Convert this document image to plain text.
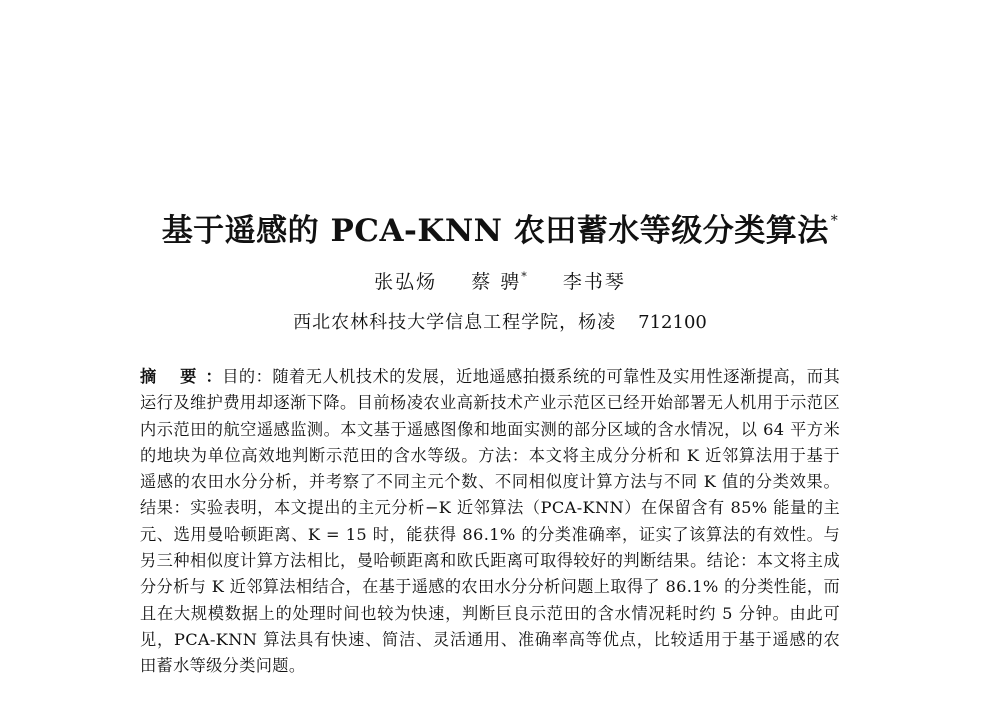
基于遥感的 PCA-KNN 农田蓄水等级分类算法 *
张弘炀 蔡 骋* 李书琴
西北农林科技大学信息工程学院，杨凌 712100
摘 要：目的：随着无人机技术的发展，近地遥感拍摄系统的可靠性及实用性逐渐提高，而其运行及维护费用却逐渐下降。目前杨凌农业高新技术产业示范区已经开始部署无人机用于示范区内示范田的航空遥感监测。本文基于遥感图像和地面实测的部分区域的含水情况，以 64 平方米的地块为单位高效地判断示范田的含水等级。方法：本文将主成分分析和 K 近邻算法用于基于遥感的农田水分分析，并考察了不同主元个数、不同相似度计算方法与不同 K 值的分类效果。结果：实验表明，本文提出的主元分析−K 近邻算法（PCA-KNN）在保留含有 85% 能量的主元、选用曼哈顿距离、K = 15 时，能获得 86.1% 的分类准确率，证实了该算法的有效性。与另三种相似度计算方法相比，曼哈顿距离和欧氏距离可取得较好的判断结果。结论：本文将主成分分析与 K 近邻算法相结合，在基于遥感的农田水分分析问题上取得了 86.1% 的分类性能，而且在大规模数据上的处理时间也较为快速，判断巨良示范田的含水情况耗时约 5 分钟。由此可见，PCA-KNN 算法具有快速、简洁、灵活通用、准确率高等优点，比较适用于基于遥感的农田蓄水等级分类问题。
